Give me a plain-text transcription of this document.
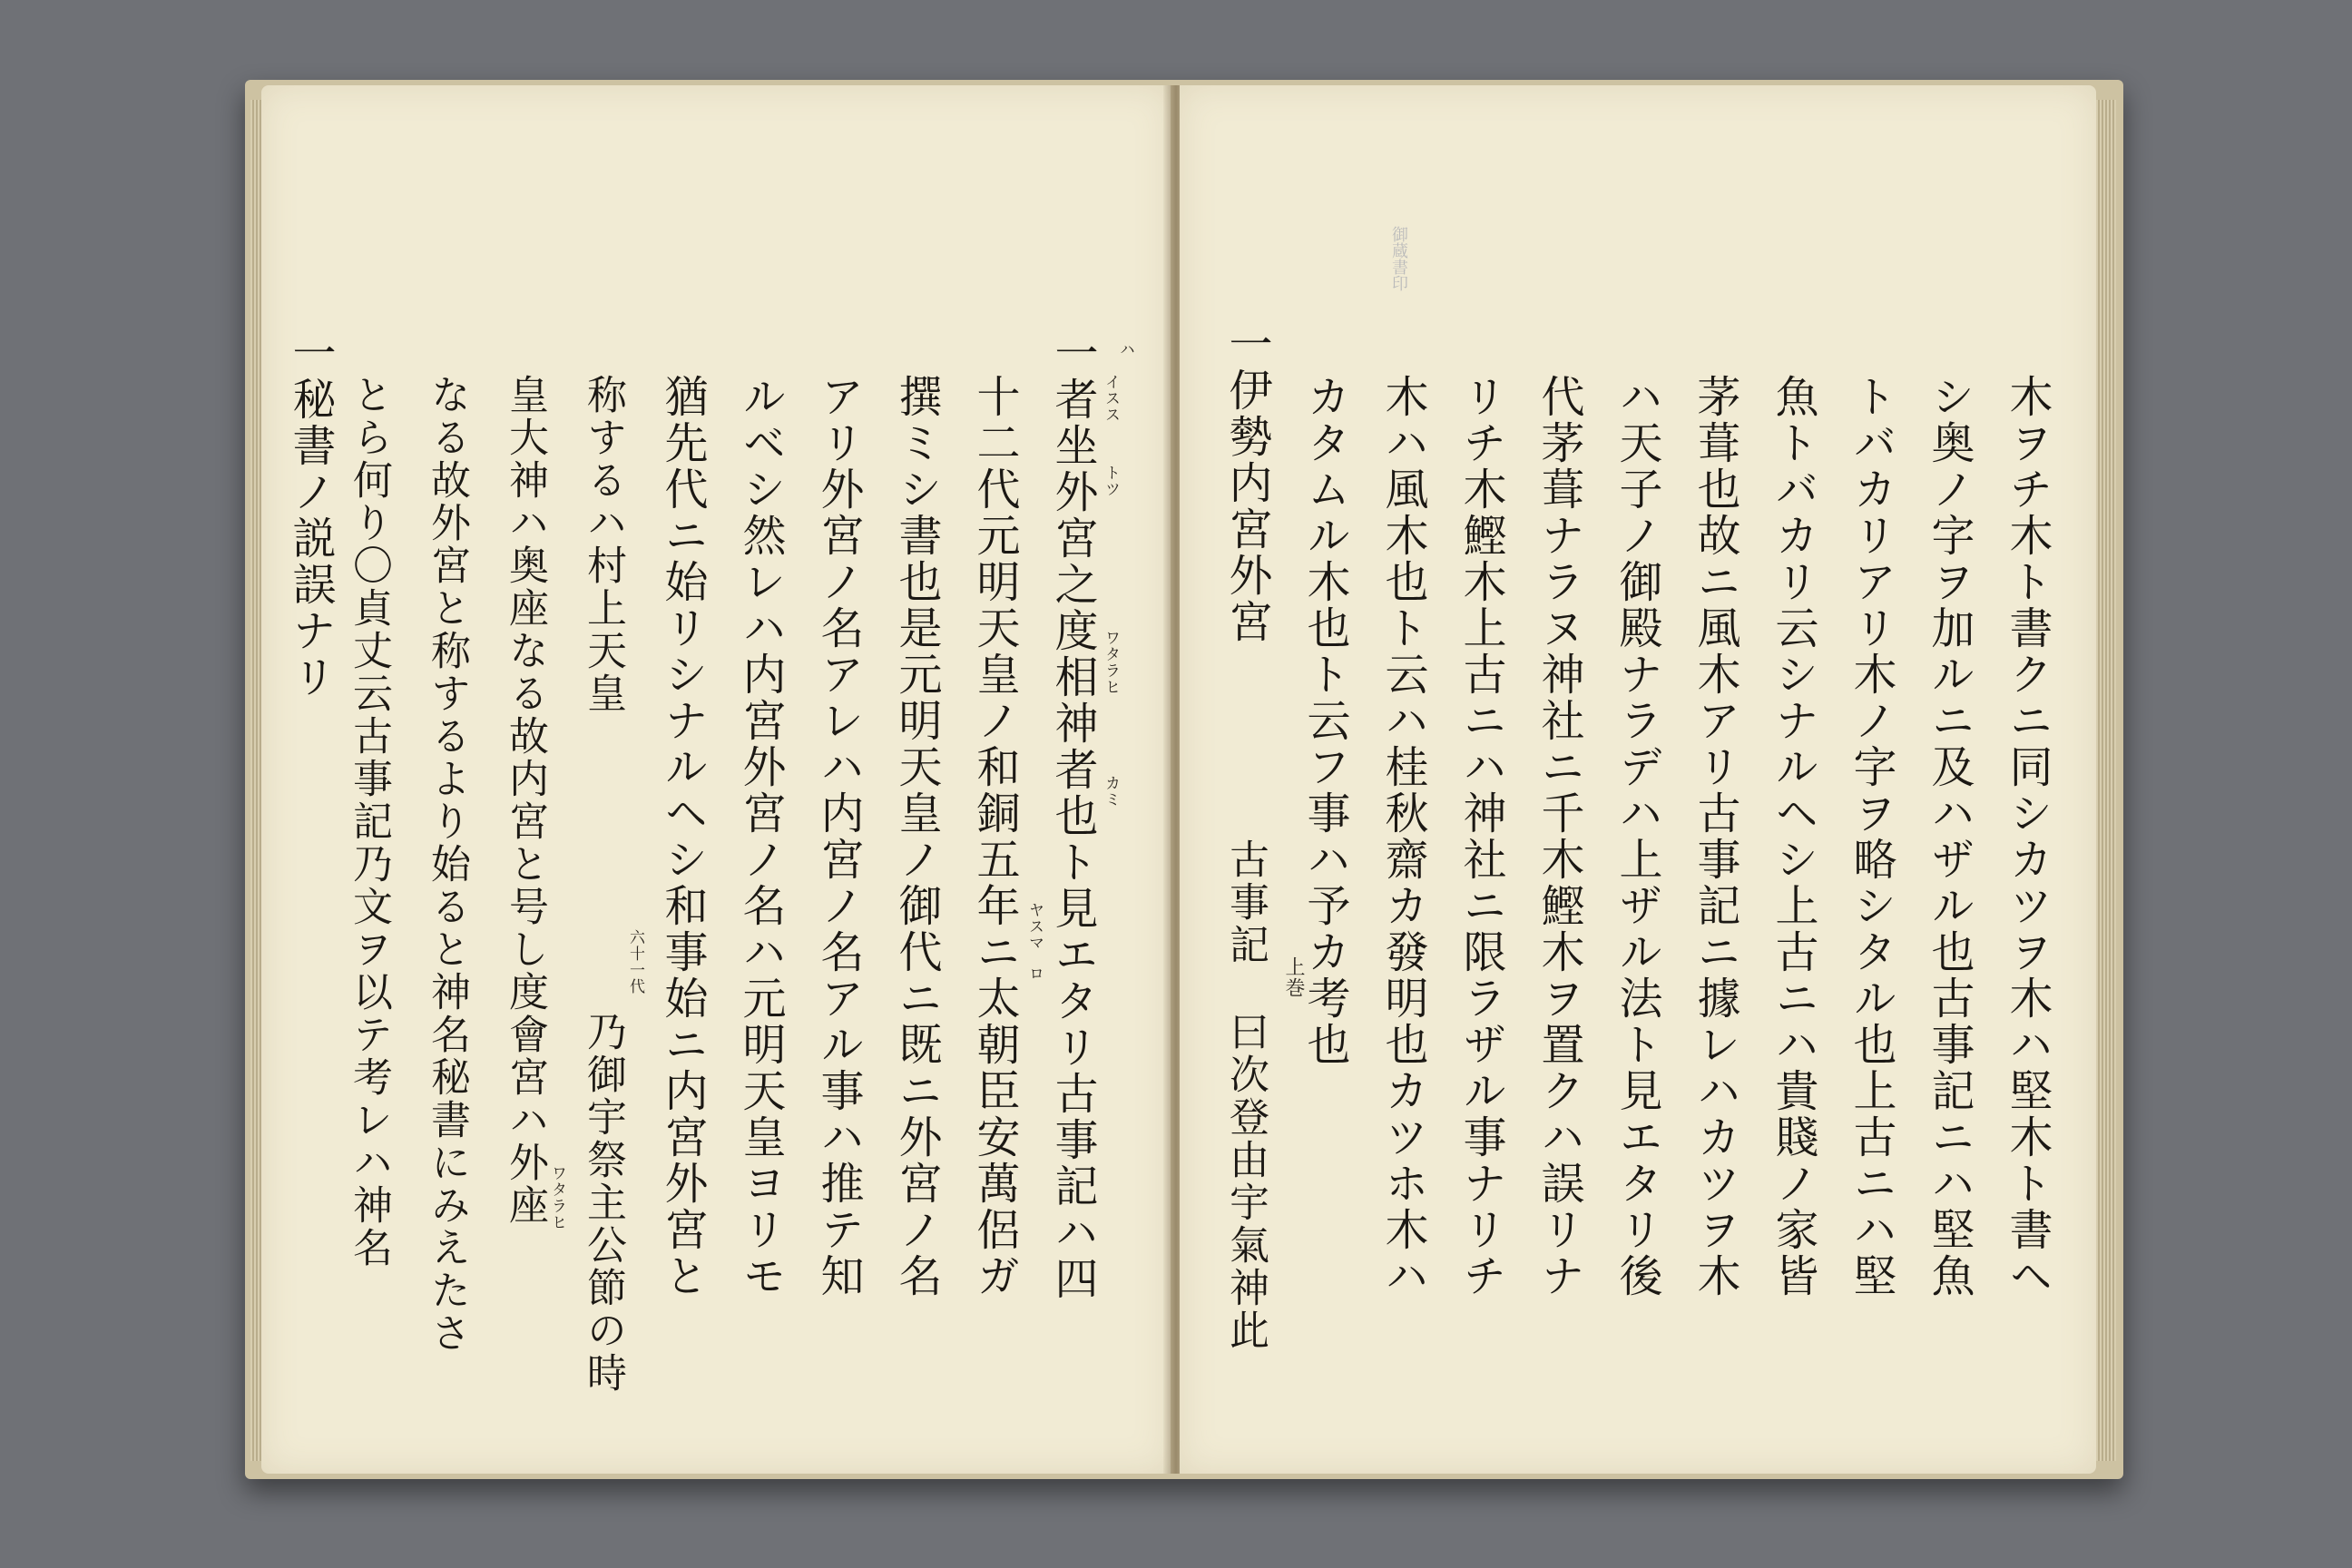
﻿　
一者坐外宮之度相神者也ト見エタリ古事記ハ四
十二代元明天皇ノ和銅五年ニ太朝臣安萬侶ガ
撰ミシ書也是元明天皇ノ御代ニ既ニ外宮ノ名
アリ外宮ノ名アレハ内宮ノ名アル事ハ推テ知
ルベシ然レハ内宮外宮ノ名ハ元明天皇ヨリモ
猶先代ニ始リシナルヘシ和事始ニ内宮外宮と
称するハ村上天皇
乃御宇祭主公節の時
皇大神ハ奥座なる故内宮と号し度會宮ハ外座
なる故外宮と称するより始ると神名秘書にみえたさ
とら何り〇貞丈云古事記乃文ヲ以テ考レハ神名
一秘書ノ説誤ナリ	イスス
トツ
ハ
ワタラヒ
カミ
ヤスマ
ロ
六十一代
ワタラヒ
御蔵書印
木ヲチ木ト書クニ同シカツヲ木ハ堅木ト書ヘ
シ奥ノ字ヲ加ルニ及ハザル也古事記ニハ堅魚
トバカリアリ木ノ字ヲ略シタル也上古ニハ堅
魚トバカリ云シナルヘシ上古ニハ貴賤ノ家皆
茅葺也故ニ風木アリ古事記ニ據レハカツヲ木
ハ天子ノ御殿ナラデハ上ザル法ト見エタリ後
代茅葺ナラヌ神社ニ千木鰹木ヲ置クハ誤リナ
リチ木鰹木上古ニハ神社ニ限ラザル事ナリチ
木ハ風木也ト云ハ桂秋齋カ發明也カツホ木ハ
カタムル木也ト云フ事ハ予カ考也
一伊勢内宮外宮
古事記
曰次登由宇氣神此
上巻
